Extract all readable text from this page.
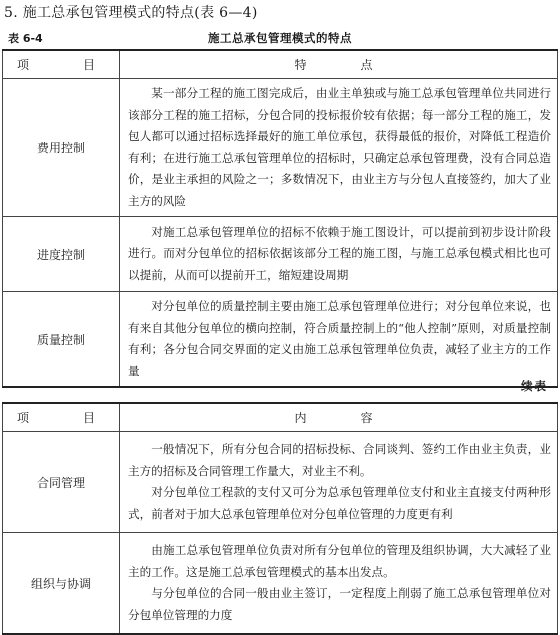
5. 施工总承包管理模式的特点(表 6—4)
表 6-4	施工总承包管理模式的特点
项　　目	特　　点
费用控制	某一部分工程的施工图完成后，由业主单独或与施工总承包管理单位共同进行该部分工程的施工招标，分包合同的投标报价较有依据；每一部分工程的施工，发包人都可以通过招标选择最好的施工单位承包，获得最低的报价，对降低工程造价有利；在进行施工总承包管理单位的招标时，只确定总承包管理费，没有合同总造价，是业主承担的风险之一；多数情况下，由业主方与分包人直接签约，加大了业主方的风险

进度控制	对施工总承包管理单位的招标不依赖于施工图设计，可以提前到初步设计阶段进行。而对分包单位的招标依据该部分工程的施工图，与施工总承包模式相比也可以提前，从而可以提前开工，缩短建设周期

质量控制	对分包单位的质量控制主要由施工总承包管理单位进行；对分包单位来说，也有来自其他分包单位的横向控制，符合质量控制上的“他人控制”原则，对质量控制有利；各分包合同交界面的定义由施工总承包管理单位负责，减轻了业主方的工作量

续表
项　　目	内　　容
合同管理	一般情况下，所有分包合同的招标投标、合同谈判、签约工作由业主负责，业主方的招标及合同管理工作量大，对业主不利。

对分包单位工程款的支付又可分为总承包管理单位支付和业主直接支付两种形式，前者对于加大总承包管理单位对分包单位管理的力度更有利

组织与协调	由施工总承包管理单位负责对所有分包单位的管理及组织协调，大大减轻了业主的工作。这是施工总承包管理模式的基本出发点。

与分包单位的合同一般由业主签订，一定程度上削弱了施工总承包管理单位对分包单位管理的力度
